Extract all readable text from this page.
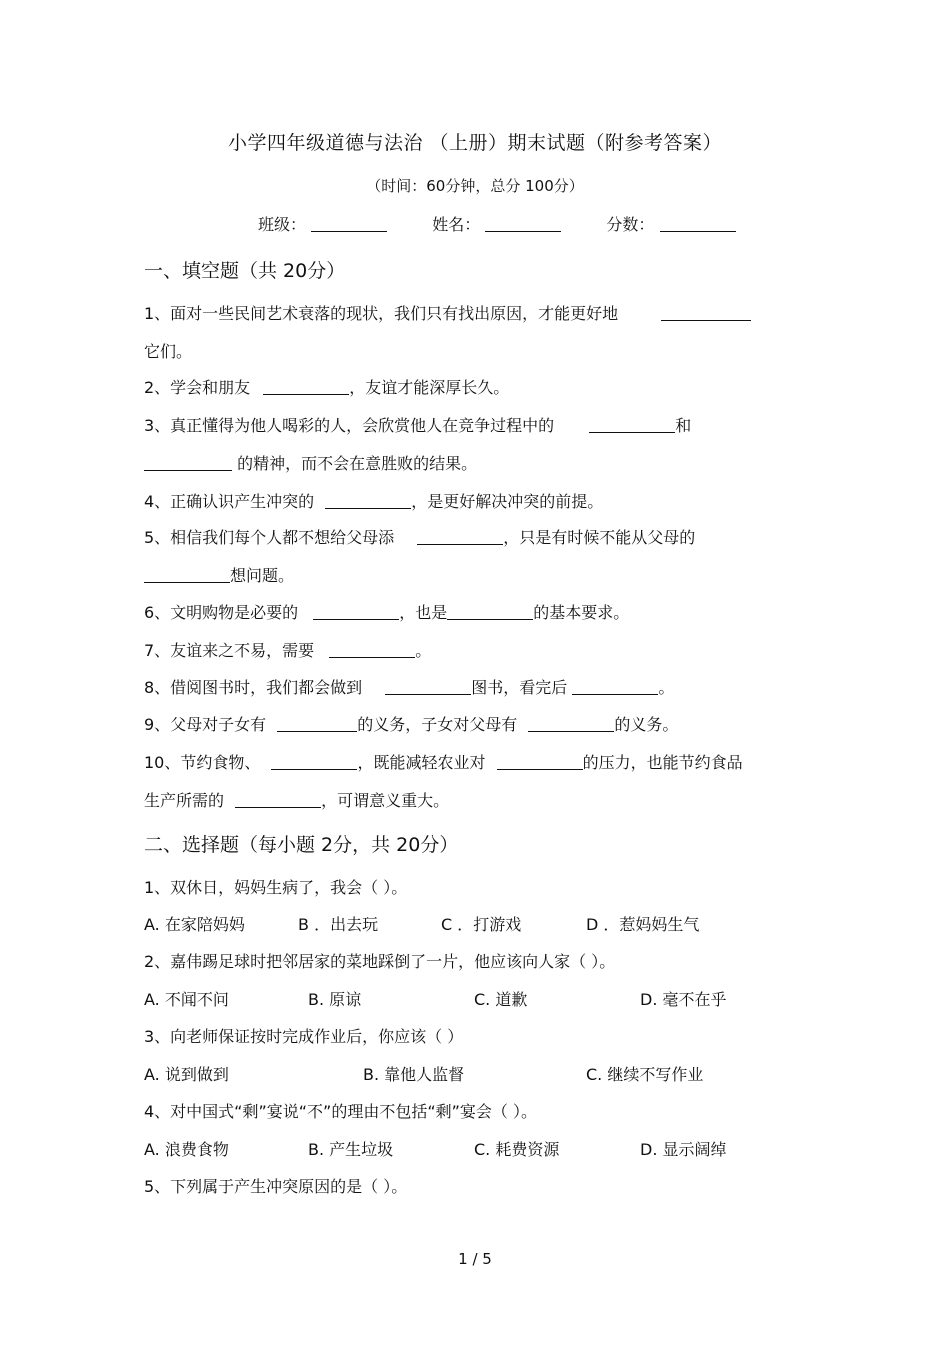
小学四年级道德与法治 （上册）期末试题（附参考答案）
（时间：60分钟，总分 100分）
班级：	姓名：	分数：
一、填空题（共 20分）
1、面对一些民间艺术衰落的现状，我们只有找出原因，才能更好地
它们。
2、学会和朋友	，友谊才能深厚长久。
3、真正懂得为他人喝彩的人，会欣赏他人在竞争过程中的	和
的精神，而不会在意胜败的结果。
4、正确认识产生冲突的	，是更好解决冲突的前提。
5、相信我们每个人都不想给父母添	，只是有时候不能从父母的
想问题。
6、文明购物是必要的	，也是	的基本要求。
7、友谊来之不易，需要	。
8、借阅图书时，我们都会做到	图书，看完后	。
9、父母对子女有	的义务，子女对父母有	的义务。
10、节约食物、	，既能减轻农业对	的压力，也能节约食品
生产所需的	，可谓意义重大。
二、选择题（每小题 2分，共 20分）
1、双休日，妈妈生病了，我会（ ）。
A. 在家陪妈妈	B ．出去玩	C ．打游戏	D ．惹妈妈生气
2、嘉伟踢足球时把邻居家的菜地踩倒了一片，他应该向人家（ ）。
A. 不闻不问	B. 原谅	C. 道歉	D. 毫不在乎
3、向老师保证按时完成作业后，你应该（ ）
A. 说到做到	B. 靠他人监督	C. 继续不写作业
4、对中国式“剩”宴说“不”的理由不包括“剩”宴会（ ）。
A. 浪费食物	B. 产生垃圾	C. 耗费资源	D. 显示阔绰
5、下列属于产生冲突原因的是（ ）。
1 / 5
